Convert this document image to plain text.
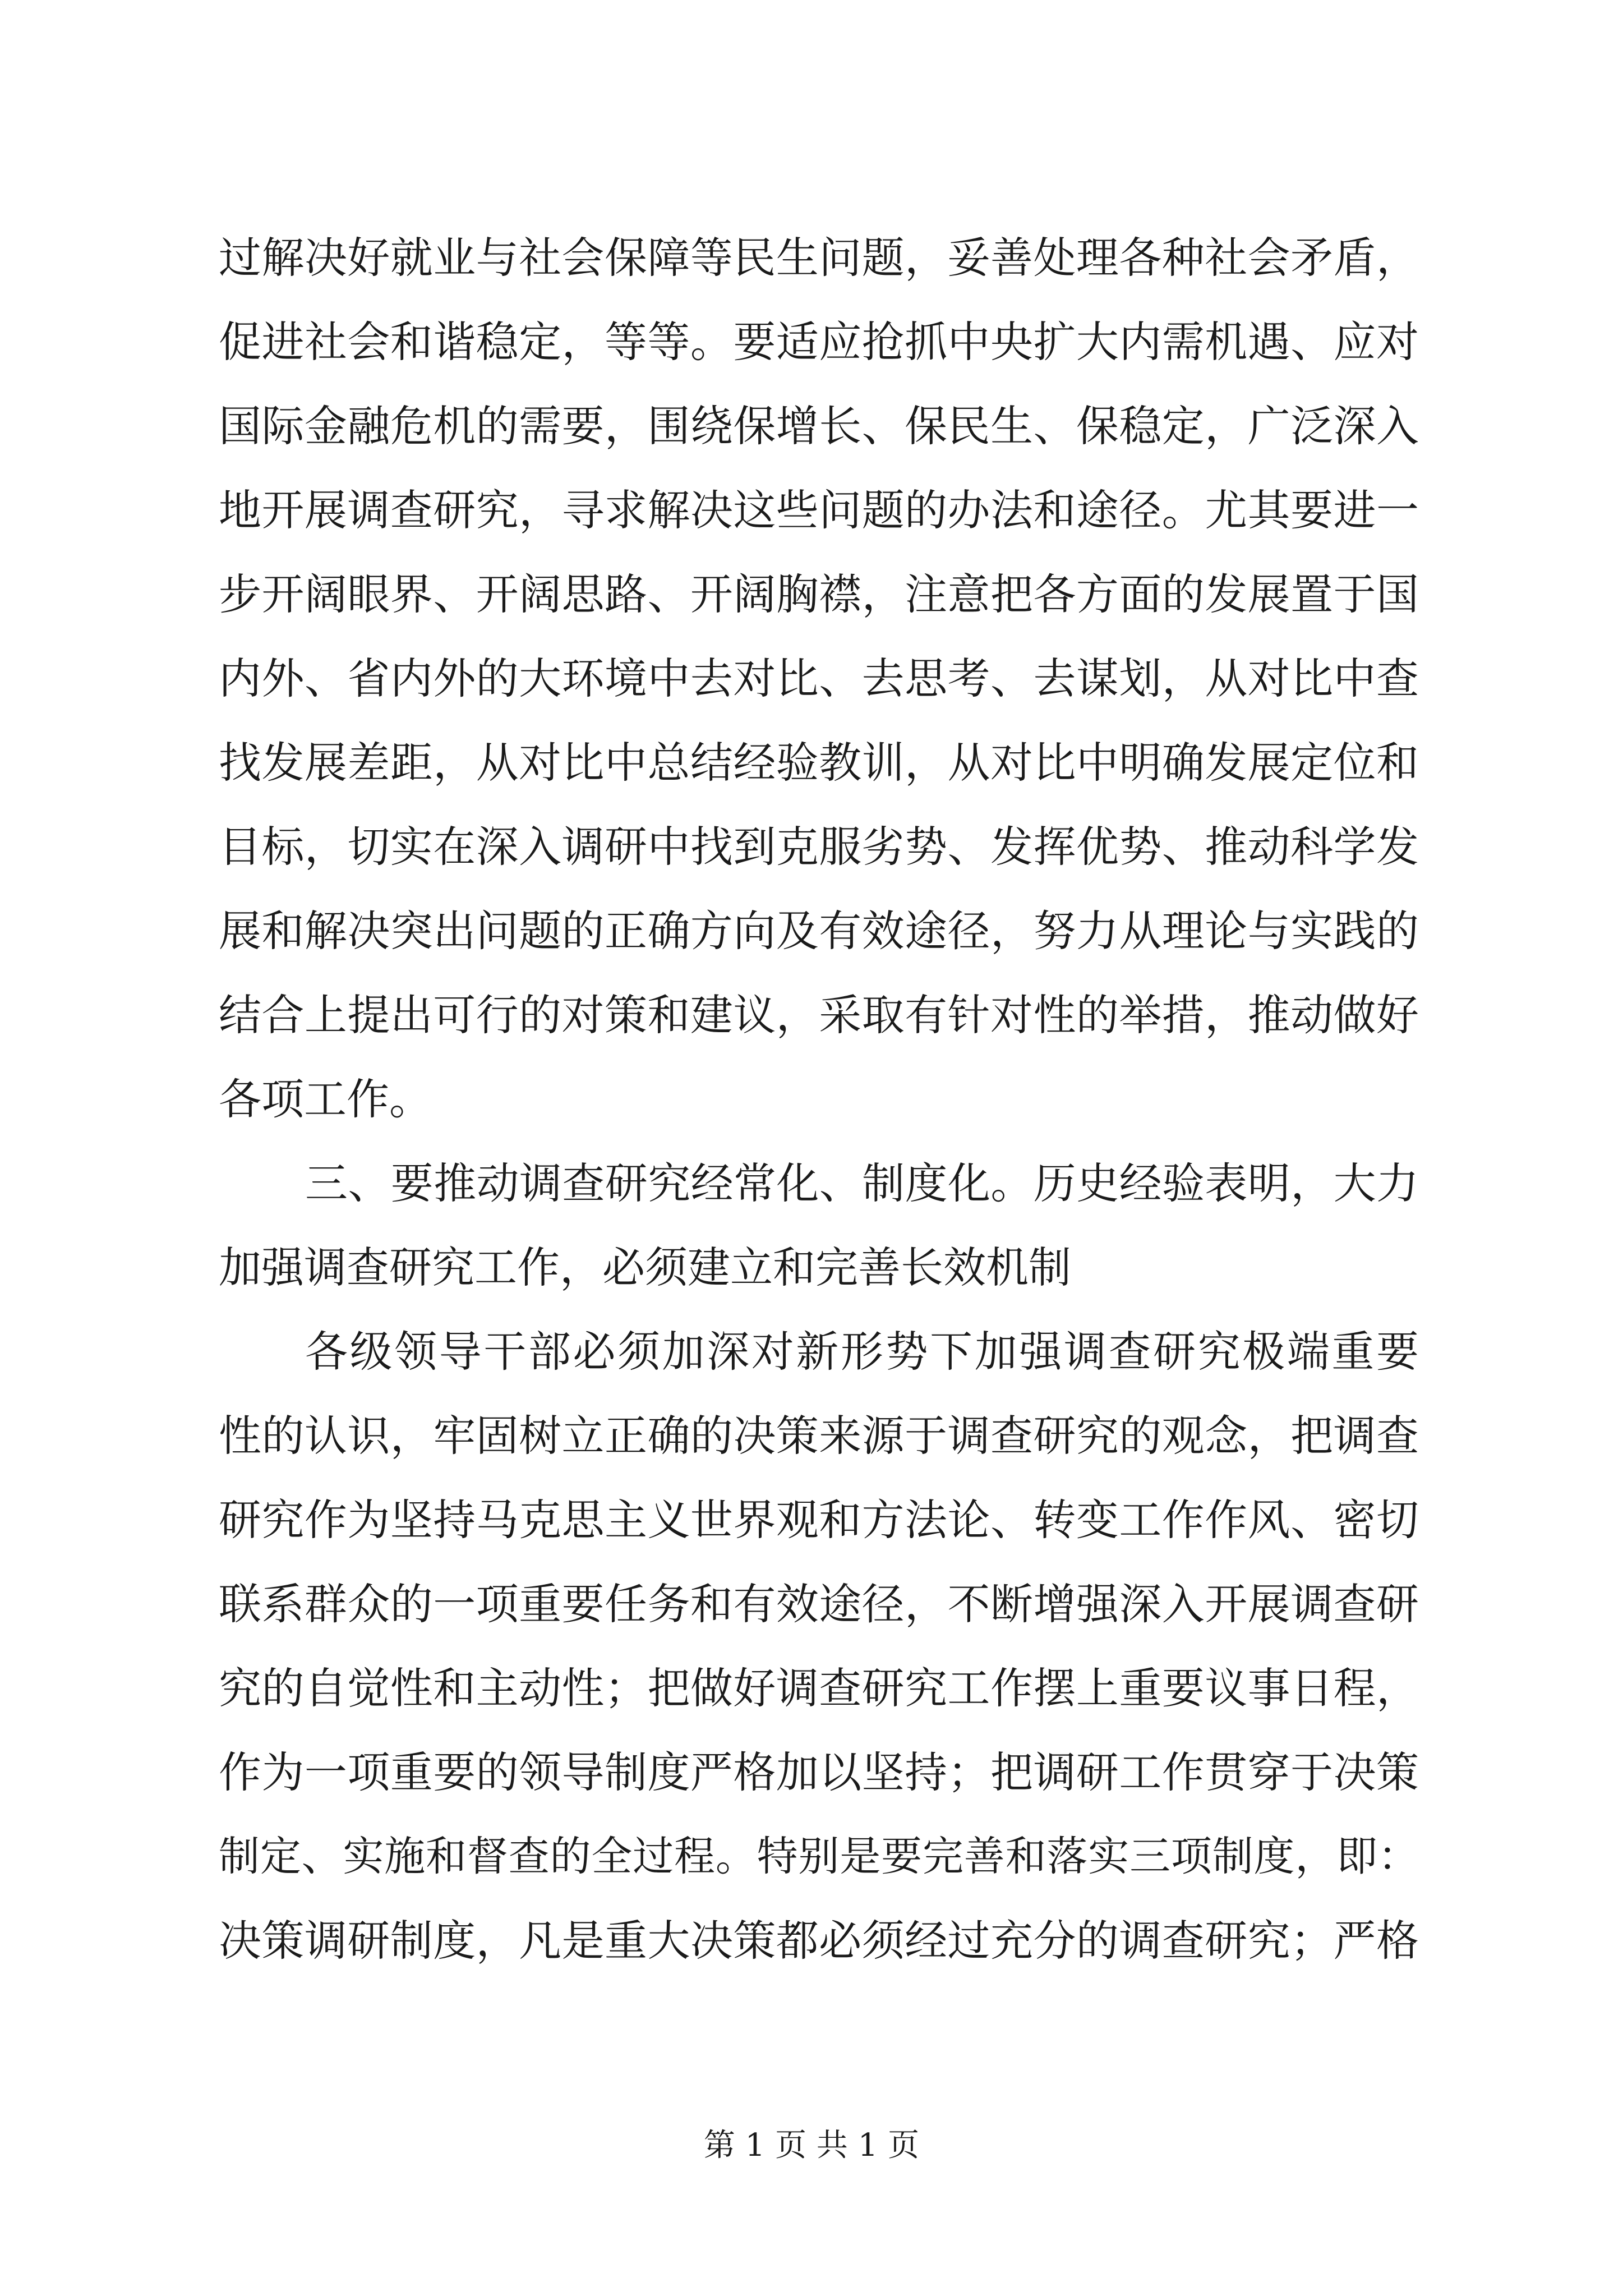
过解决好就业与社会保障等民生问题，妥善处理各种社会矛盾，
促进社会和谐稳定，等等。要适应抢抓中央扩大内需机遇、应对
国际金融危机的需要，围绕保增长、保民生、保稳定，广泛深入
地开展调查研究，寻求解决这些问题的办法和途径。尤其要进一
步开阔眼界、开阔思路、开阔胸襟，注意把各方面的发展置于国
内外、省内外的大环境中去对比、去思考、去谋划，从对比中查
找发展差距，从对比中总结经验教训，从对比中明确发展定位和
目标，切实在深入调研中找到克服劣势、发挥优势、推动科学发
展和解决突出问题的正确方向及有效途径，努力从理论与实践的
结合上提出可行的对策和建议，采取有针对性的举措，推动做好
各项工作。
三、要推动调查研究经常化、制度化。历史经验表明，大力
加强调查研究工作，必须建立和完善长效机制
各级领导干部必须加深对新形势下加强调查研究极端重要
性的认识，牢固树立正确的决策来源于调查研究的观念，把调查
研究作为坚持马克思主义世界观和方法论、转变工作作风、密切
联系群众的一项重要任务和有效途径，不断增强深入开展调查研
究的自觉性和主动性；把做好调查研究工作摆上重要议事日程，
作为一项重要的领导制度严格加以坚持；把调研工作贯穿于决策
制定、实施和督查的全过程。特别是要完善和落实三项制度，即：
决策调研制度，凡是重大决策都必须经过充分的调查研究；严格
第 1 页 共 1 页
